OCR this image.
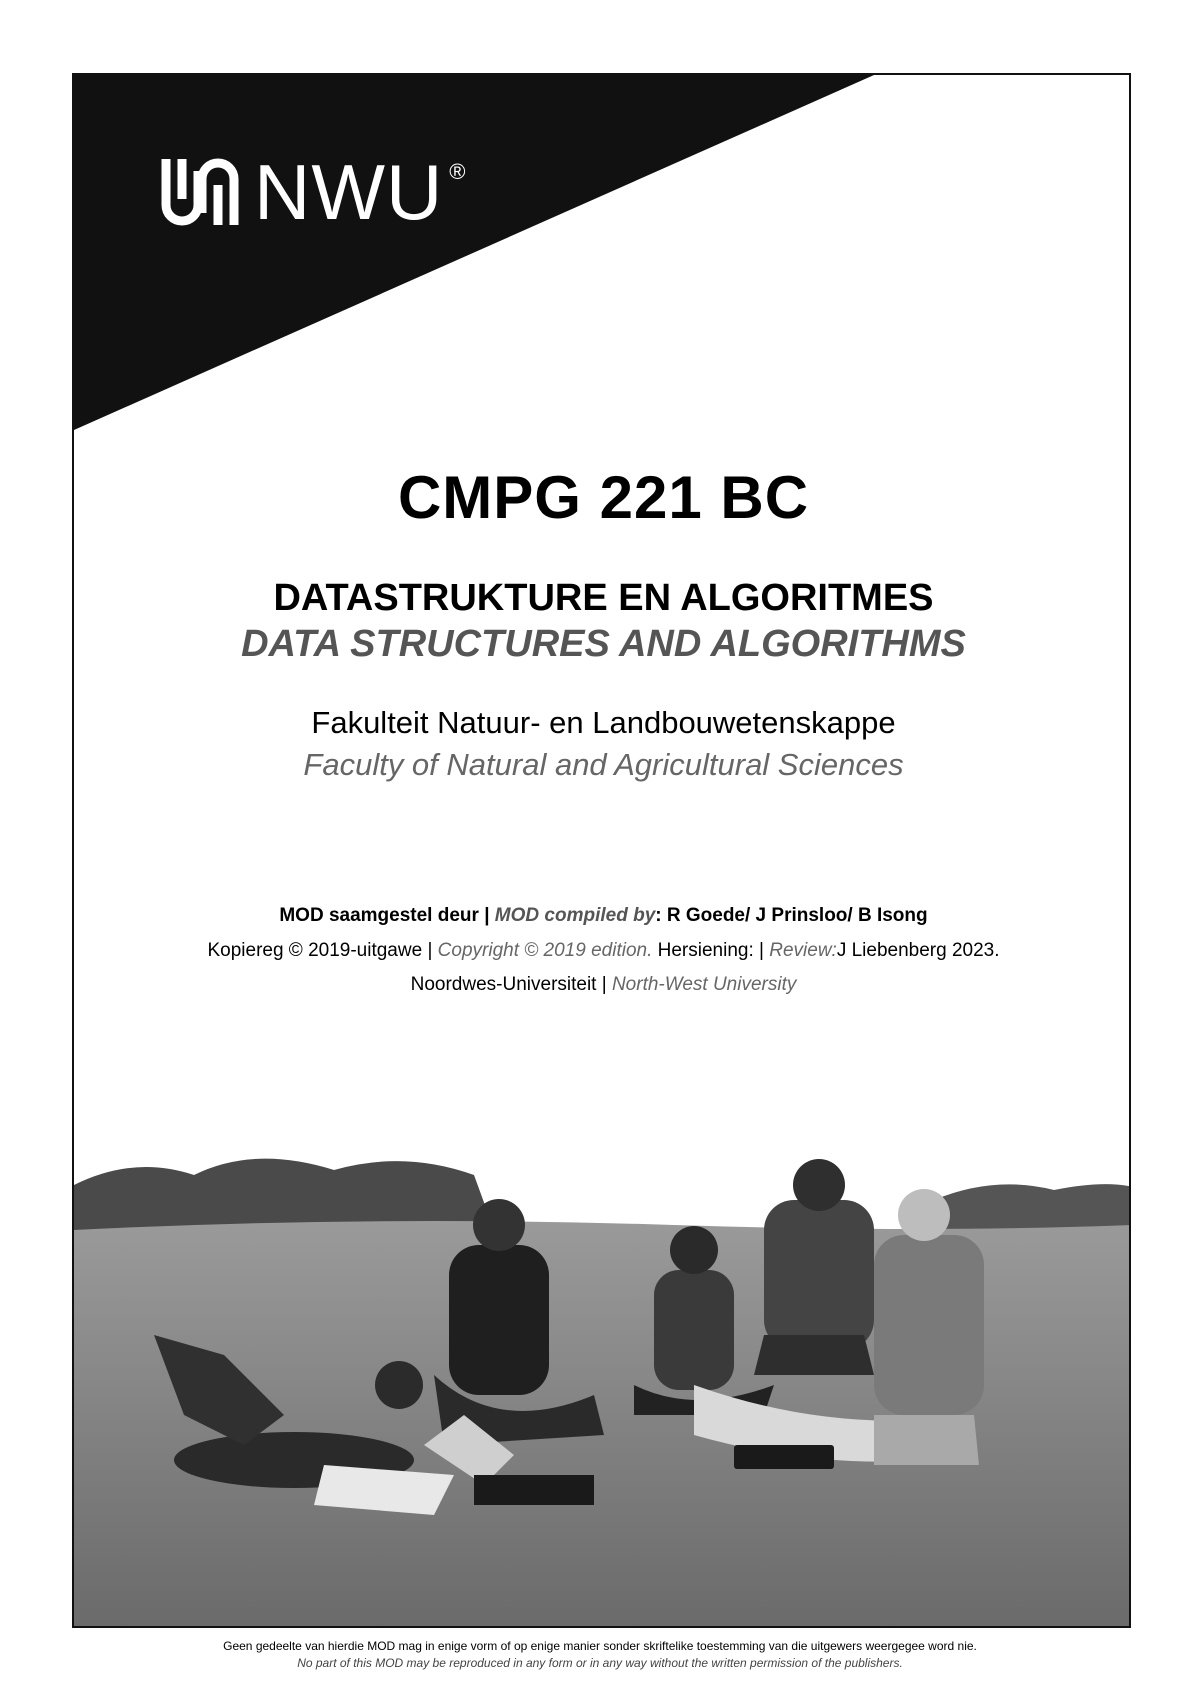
NWU ®
CMPG 221 BC
DATASTRUKTURE EN ALGORITMES
DATA STRUCTURES AND ALGORITHMS
Fakulteit Natuur- en Landbouwetenskappe
Faculty of Natural and Agricultural Sciences
MOD saamgestel deur | MOD compiled by: R Goede/ J Prinsloo/ B Isong
Kopiereg © 2019-uitgawe | Copyright © 2019 edition. Hersiening: | Review:J Liebenberg 2023.
Noordwes-Universiteit | North-West University
Geen gedeelte van hierdie MOD mag in enige vorm of op enige manier sonder skriftelike toestemming van die uitgewers weergegee word nie.
No part of this MOD may be reproduced in any form or in any way without the written permission of the publishers.
